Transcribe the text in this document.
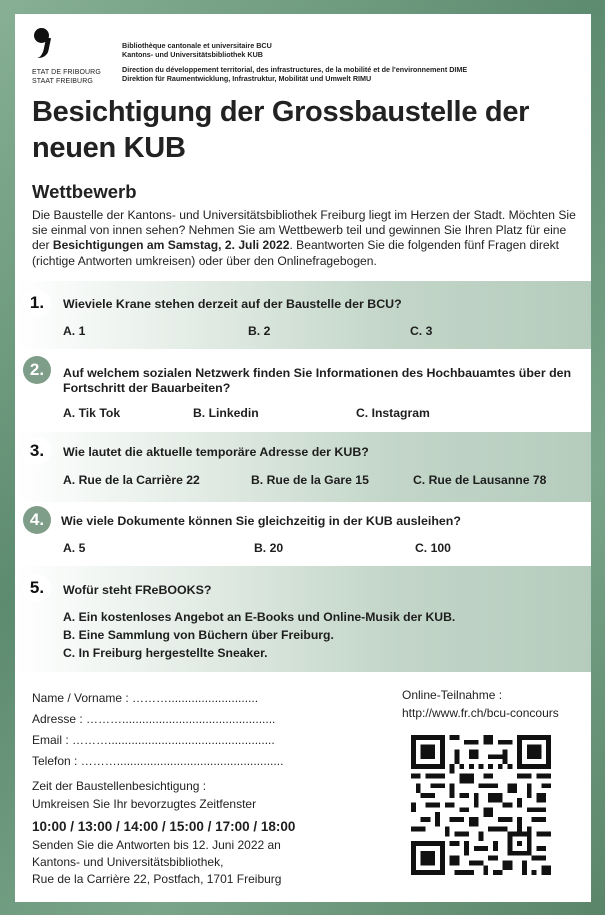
ETAT DE FRIBOURG
STAAT FREIBURG
Bibliothèque cantonale et universitaire BCU
Kantons- und Universitätsbibliothek KUB
Direction du développement territorial, des infrastructures, de la mobilité et de l'environnement DIME
Direktion für Raumentwicklung, Infrastruktur, Mobilität und Umwelt RIMU
Besichtigung der Grossbaustelle der neuen KUB
Wettbewerb
Die Baustelle der Kantons- und Universitätsbibliothek Freiburg liegt im Herzen der Stadt. Möchten Sie sie einmal von innen sehen? Nehmen Sie am Wettbewerb teil und gewinnen Sie Ihren Platz für eine der Besichtigungen am Samstag, 2. Juli 2022. Beantworten Sie die folgenden fünf Fragen direkt (richtige Antworten umkreisen) oder über den Onlinefragebogen.
1.	Wieviele Krane stehen derzeit auf der Baustelle der BCU?
A. 1	B. 2	C. 3
2.	Auf welchem sozialen Netzwerk finden Sie Informationen des Hochbauamtes über den Fortschritt der Bauarbeiten?
A. Tik Tok	B. Linkedin	C. Instagram
3.	Wie lautet die aktuelle temporäre Adresse der KUB?
A. Rue de la Carrière 22	B. Rue de la Gare 15	C. Rue de Lausanne 78
4.	Wie viele Dokumente können Sie gleichzeitig in der KUB ausleihen?
A. 5	B. 20	C. 100
5.	Wofür steht FReBOOKS?
A. Ein kostenloses Angebot an E-Books und Online-Musik der KUB.
B. Eine Sammlung von Büchern über Freiburg.
C. In Freiburg hergestellte Sneaker.
Name / Vorname : ………...........................
Adresse : ………..............................................
Email : ………..................................................
Telefon : ………..................................................
Zeit der Baustellenbesichtigung :
Umkreisen Sie Ihr bevorzugtes Zeitfenster
10:00 / 13:00 / 14:00 / 15:00 / 17:00 / 18:00
Senden Sie die Antworten bis 12. Juni 2022 an
Kantons- und Universitätsbibliothek,
Rue de la Carrière 22, Postfach, 1701 Freiburg
Online-Teilnahme :
http://www.fr.ch/bcu-concours
